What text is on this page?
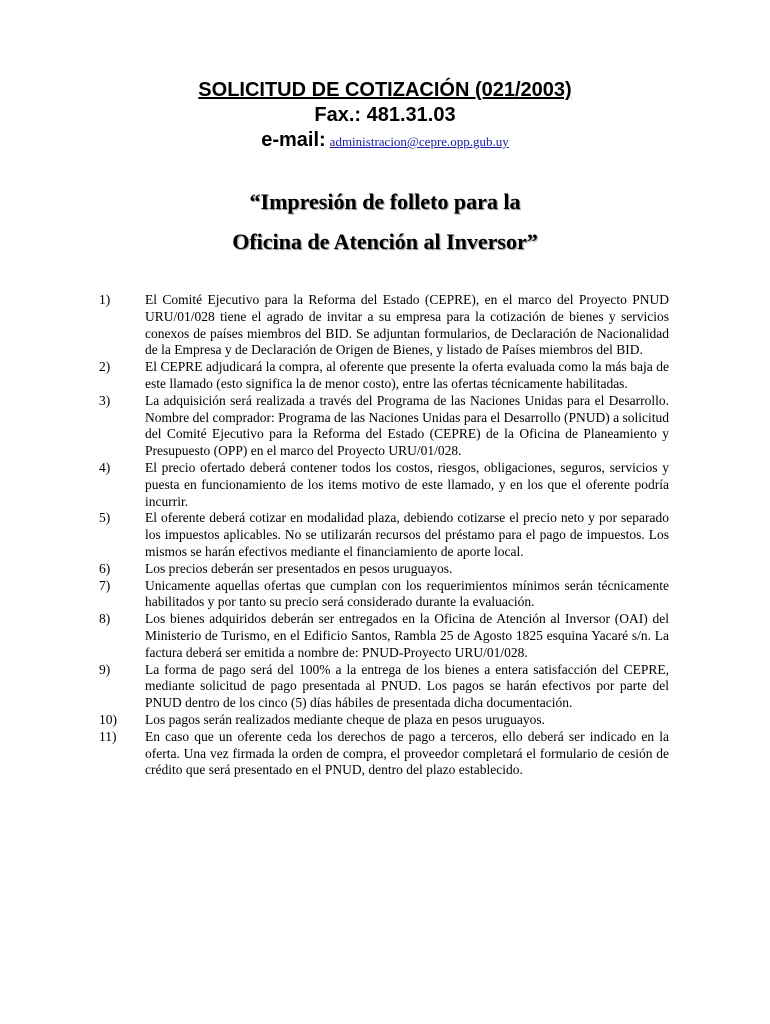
SOLICITUD DE COTIZACIÓN (021/2003)
Fax.: 481.31.03
e-mail: administracion@cepre.opp.gub.uy
“Impresión de folleto para la
Oficina de Atención al Inversor”
1)	El Comité Ejecutivo para la Reforma del Estado (CEPRE), en el marco del Proyecto PNUD URU/01/028 tiene el agrado de invitar a su empresa para la cotización de bienes y servicios conexos de países miembros del BID. Se adjuntan formularios, de Declaración de Nacionalidad de la Empresa y de Declaración de Origen de Bienes, y listado de Países miembros del BID.
2)	El CEPRE adjudicará la compra, al oferente que presente la oferta evaluada como la más baja de este llamado (esto significa la de menor costo), entre las ofertas técnicamente habilitadas.
3)	La adquisición será realizada a través del Programa de las Naciones Unidas para el Desarrollo. Nombre del comprador: Programa de las Naciones Unidas para el Desarrollo (PNUD) a solicitud del Comité Ejecutivo para la Reforma del Estado (CEPRE) de la Oficina de Planeamiento y Presupuesto (OPP) en el marco del Proyecto URU/01/028.
4)	El precio ofertado deberá contener todos los costos, riesgos, obligaciones, seguros, servicios y puesta en funcionamiento de los items motivo de este llamado, y en los que el oferente podría incurrir.
5)	El oferente deberá cotizar en modalidad plaza, debiendo cotizarse el precio neto y por separado los impuestos aplicables. No se utilizarán recursos del préstamo para el pago de impuestos. Los mismos se harán efectivos mediante el financiamiento de aporte local.
6)	Los precios deberán ser presentados en pesos uruguayos.
7)	Unicamente aquellas ofertas que cumplan con los requerimientos mínimos serán técnicamente habilitados y por tanto su precio será considerado durante la evaluación.
8)	Los bienes adquiridos deberán ser entregados en la Oficina de Atención al Inversor (OAI) del Ministerio de Turismo, en el Edificio Santos, Rambla 25 de Agosto 1825 esquina Yacaré s/n. La factura deberá ser emitida a nombre de: PNUD-Proyecto URU/01/028.
9)	La forma de pago será del 100% a la entrega de los bienes a entera satisfacción del CEPRE, mediante solicitud de pago presentada al PNUD. Los pagos se harán efectivos por parte del PNUD dentro de los cinco (5) días hábiles de presentada dicha documentación.
10)	Los pagos serán realizados mediante cheque de plaza en pesos uruguayos.
11)	En caso que un oferente ceda los derechos de pago a terceros, ello deberá ser indicado en la oferta. Una vez firmada la orden de compra, el proveedor completará el formulario de cesión de crédito que será presentado en el PNUD, dentro del plazo establecido.
